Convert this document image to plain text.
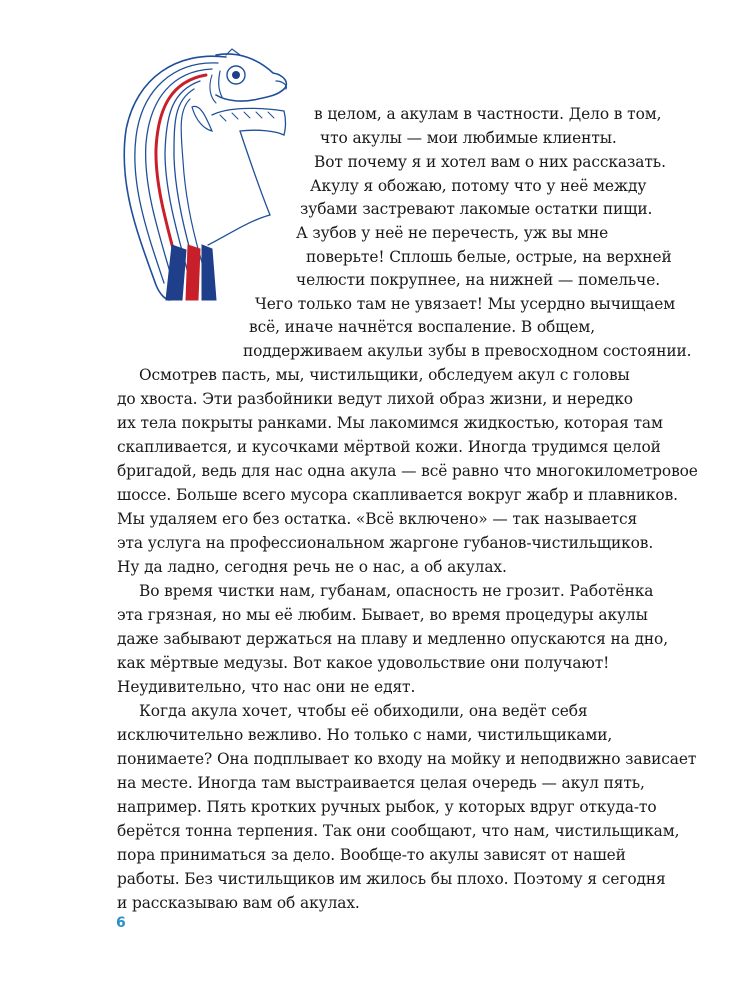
в целом, а акулам в частности. Дело в том,
что акулы — мои любимые клиенты.
Вот почему я и хотел вам о них рассказать.
Акулу я обожаю, потому что у неё между
зубами застревают лакомые остатки пищи.
А зубов у неё не перечесть, уж вы мне
поверьте! Сплошь белые, острые, на верхней
челюсти покрупнее, на нижней — помельче.
Чего только там не увязает! Мы усердно вычищаем
всё, иначе начнётся воспаление. В общем,
поддерживаем акульи зубы в превосходном состоянии.
Осмотрев пасть, мы, чистильщики, обследуем акул с головы
до хвоста. Эти разбойники ведут лихой образ жизни, и нередко
их тела покрыты ранками. Мы лакомимся жидкостью, которая там
скапливается, и кусочками мёртвой кожи. Иногда трудимся целой
бригадой, ведь для нас одна акула — всё равно что многокилометровое
шоссе. Больше всего мусора скапливается вокруг жабр и плавников.
Мы удаляем его без остатка. «Всё включено» — так называется
эта услуга на профессиональном жаргоне губанов-чистильщиков.
Ну да ладно, сегодня речь не о нас, а об акулах.
Во время чистки нам, губанам, опасность не грозит. Работёнка
эта грязная, но мы её любим. Бывает, во время процедуры акулы
даже забывают держаться на плаву и медленно опускаются на дно,
как мёртвые медузы. Вот какое удовольствие они получают!
Неудивительно, что нас они не едят.
Когда акула хочет, чтобы её обиходили, она ведёт себя
исключительно вежливо. Но только с нами, чистильщиками,
понимаете? Она подплывает ко входу на мойку и неподвижно зависает
на месте. Иногда там выстраивается целая очередь — акул пять,
например. Пять кротких ручных рыбок, у которых вдруг откуда-то
берётся тонна терпения. Так они сообщают, что нам, чистильщикам,
пора приниматься за дело. Вообще-то акулы зависят от нашей
работы. Без чистильщиков им жилось бы плохо. Поэтому я сегодня
и рассказываю вам об акулах.
6
